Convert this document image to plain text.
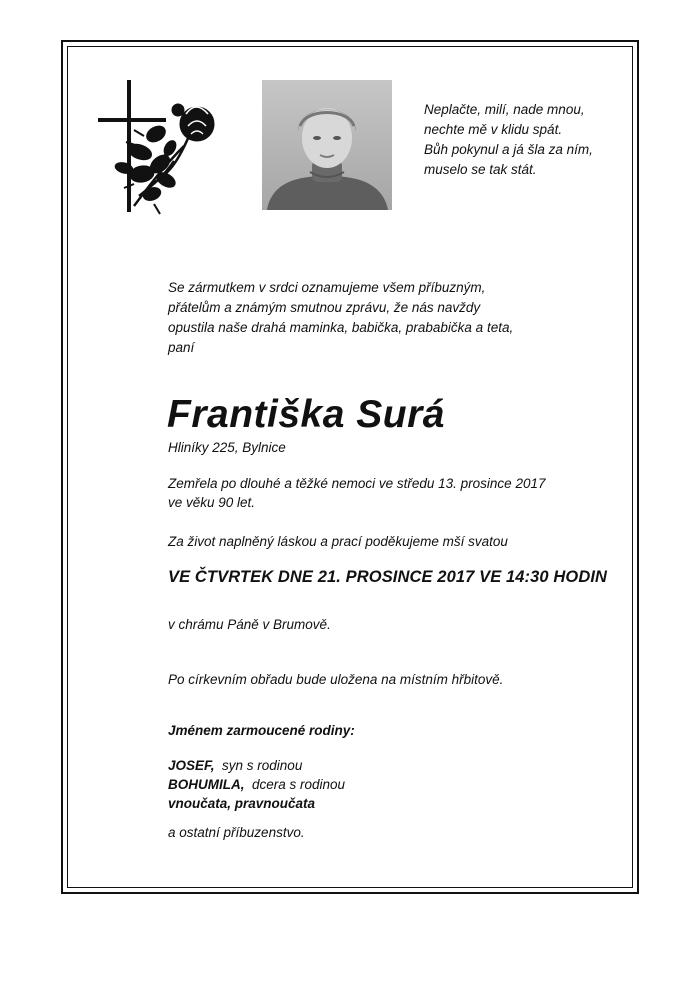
Neplačte, milí, nade mnou,
nechte mě v klidu spát.
Bůh pokynul a já šla za ním,
muselo se tak stát.
Se zármutkem v srdci oznamujeme všem příbuzným,
přátelům a známým smutnou zprávu, že nás navždy
opustila naše drahá maminka, babička, prababička a teta,
paní
Františka Surá
Hliníky 225, Bylnice
Zemřela po dlouhé a těžké nemoci ve středu 13. prosince 2017
ve věku 90 let.
Za život naplněný láskou a prací poděkujeme mší svatou
VE ČTVRTEK DNE 21. PROSINCE 2017 VE 14:30 HODIN
v chrámu Páně v Brumově.
Po církevním obřadu bude uložena na místním hřbitově.
Jménem zarmoucené rodiny:
JOSEF,  syn s rodinou
BOHUMILA,  dcera s rodinou
vnoučata, pravnoučata
a ostatní příbuzenstvo.
